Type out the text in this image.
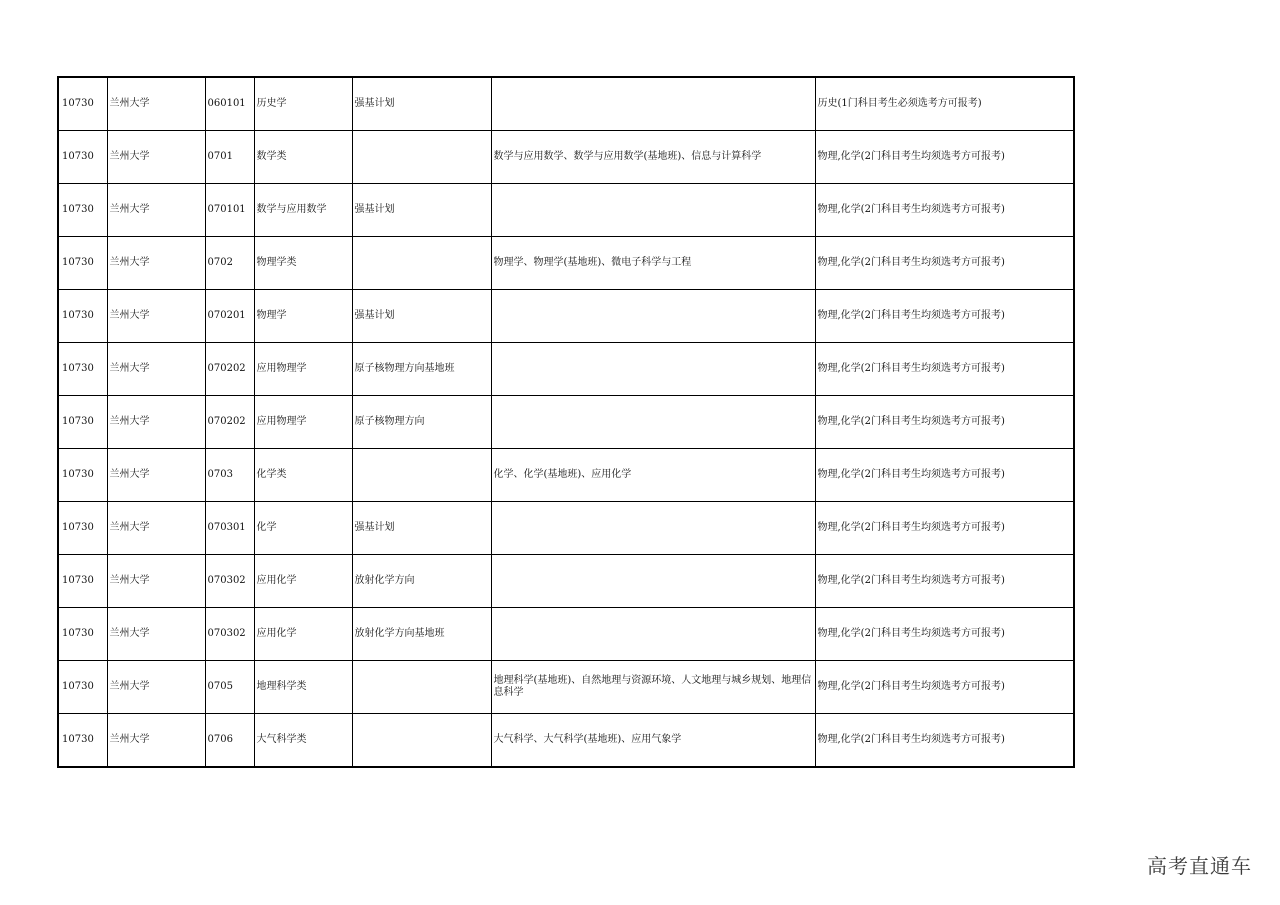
10730	兰州大学	060101	历史学	强基计划		历史(1门科目考生必须选考方可报考)
10730	兰州大学	0701	数学类		数学与应用数学、数学与应用数学(基地班)、信息与计算科学	物理,化学(2门科目考生均须选考方可报考)
10730	兰州大学	070101	数学与应用数学	强基计划		物理,化学(2门科目考生均须选考方可报考)
10730	兰州大学	0702	物理学类		物理学、物理学(基地班)、微电子科学与工程	物理,化学(2门科目考生均须选考方可报考)
10730	兰州大学	070201	物理学	强基计划		物理,化学(2门科目考生均须选考方可报考)
10730	兰州大学	070202	应用物理学	原子核物理方向基地班		物理,化学(2门科目考生均须选考方可报考)
10730	兰州大学	070202	应用物理学	原子核物理方向		物理,化学(2门科目考生均须选考方可报考)
10730	兰州大学	0703	化学类		化学、化学(基地班)、应用化学	物理,化学(2门科目考生均须选考方可报考)
10730	兰州大学	070301	化学	强基计划		物理,化学(2门科目考生均须选考方可报考)
10730	兰州大学	070302	应用化学	放射化学方向		物理,化学(2门科目考生均须选考方可报考)
10730	兰州大学	070302	应用化学	放射化学方向基地班		物理,化学(2门科目考生均须选考方可报考)
10730	兰州大学	0705	地理科学类		地理科学(基地班)、自然地理与资源环境、人文地理与城乡规划、地理信息科学	物理,化学(2门科目考生均须选考方可报考)
10730	兰州大学	0706	大气科学类		大气科学、大气科学(基地班)、应用气象学	物理,化学(2门科目考生均须选考方可报考)
高考直通车
